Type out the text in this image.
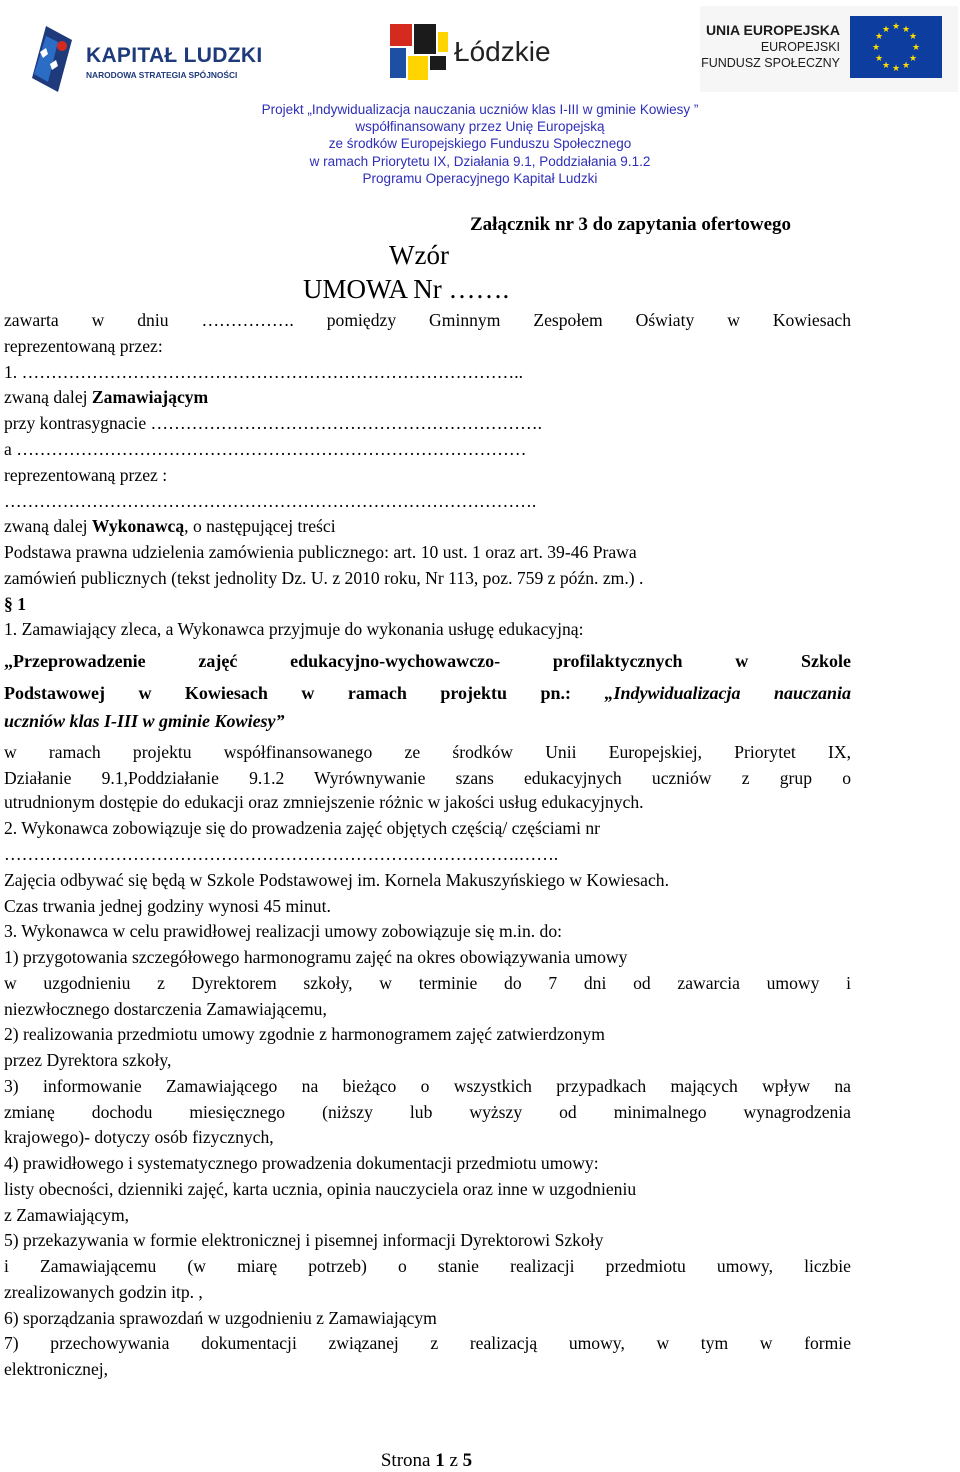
KAPITAŁ LUDZKI
NARODOWA STRATEGIA SPÓJNOŚCI
Łódzkie
UNIA EUROPEJSKA
EUROPEJSKI
FUNDUSZ SPOŁECZNY
★ ★
★
★
★
★
★
★
★
★
★
★
Projekt „Indywidualizacja nauczania uczniów klas I-III w gminie Kowiesy ”
współfinansowany przez Unię Europejską
ze środków Europejskiego Funduszu Społecznego
w ramach Priorytetu IX, Działania 9.1, Poddziałania 9.1.2
Programu Operacyjnego Kapitał Ludzki
Załącznik nr 3 do zapytania ofertowego
Wzór
UMOWA Nr …….
zawarta w dniu ……………. pomiędzy Gminnym Zespołem Oświaty w Kowiesach
reprezentowaną przez:
1. …………………………………………………………………………..
zwaną dalej Zamawiającym
przy kontrasygnacie ………………………………………………………….
a ……………………………………………………………………………
reprezentowaną przez :
……………………………………………………………………………….
zwaną dalej Wykonawcą, o następującej treści
Podstawa prawna udzielenia zamówienia publicznego: art. 10 ust. 1 oraz art. 39-46 Prawa
zamówień publicznych (tekst jednolity Dz. U. z 2010 roku, Nr 113, poz. 759 z późn. zm.) .
§ 1
1. Zamawiający zleca, a Wykonawca przyjmuje do wykonania usługę edukacyjną:
„Przeprowadzenie zajęć edukacyjno-wychowawczo- profilaktycznych w Szkole
Podstawowej w Kowiesach w ramach projektu pn.: „Indywidualizacja nauczania
uczniów klas I-III w gminie Kowiesy”
w ramach projektu współfinansowanego ze środków Unii Europejskiej, Priorytet IX,
Działanie 9.1,Poddziałanie 9.1.2 Wyrównywanie szans edukacyjnych uczniów z grup o
utrudnionym dostępie do edukacji oraz zmniejszenie różnic w jakości usług edukacyjnych.
2. Wykonawca zobowiązuje się do prowadzenia zajęć objętych częścią/ częściami nr
…………………………………………………………………………….…….
Zajęcia odbywać się będą w Szkole Podstawowej im. Kornela Makuszyńskiego w Kowiesach.
Czas trwania jednej godziny wynosi 45 minut.
3. Wykonawca w celu prawidłowej realizacji umowy zobowiązuje się m.in. do:
1) przygotowania szczegółowego harmonogramu zajęć na okres obowiązywania umowy
w uzgodnieniu z Dyrektorem szkoły, w terminie do 7 dni od zawarcia umowy i
niezwłocznego dostarczenia Zamawiającemu,
2) realizowania przedmiotu umowy zgodnie z harmonogramem zajęć zatwierdzonym
przez Dyrektora szkoły,
3) informowanie Zamawiającego na bieżąco o wszystkich przypadkach mających wpływ na
zmianę dochodu miesięcznego (niższy lub wyższy od minimalnego wynagrodzenia
krajowego)- dotyczy osób fizycznych,
4) prawidłowego i systematycznego prowadzenia dokumentacji przedmiotu umowy:
listy obecności, dzienniki zajęć, karta ucznia, opinia nauczyciela oraz inne w uzgodnieniu
z Zamawiającym,
5) przekazywania w formie elektronicznej i pisemnej informacji Dyrektorowi Szkoły
i Zamawiającemu (w miarę potrzeb) o stanie realizacji przedmiotu umowy, liczbie
zrealizowanych godzin itp. ,
6) sporządzania sprawozdań w uzgodnieniu z Zamawiającym
7) przechowywania dokumentacji związanej z realizacją umowy, w tym w formie
elektronicznej,
Strona 1 z 5
